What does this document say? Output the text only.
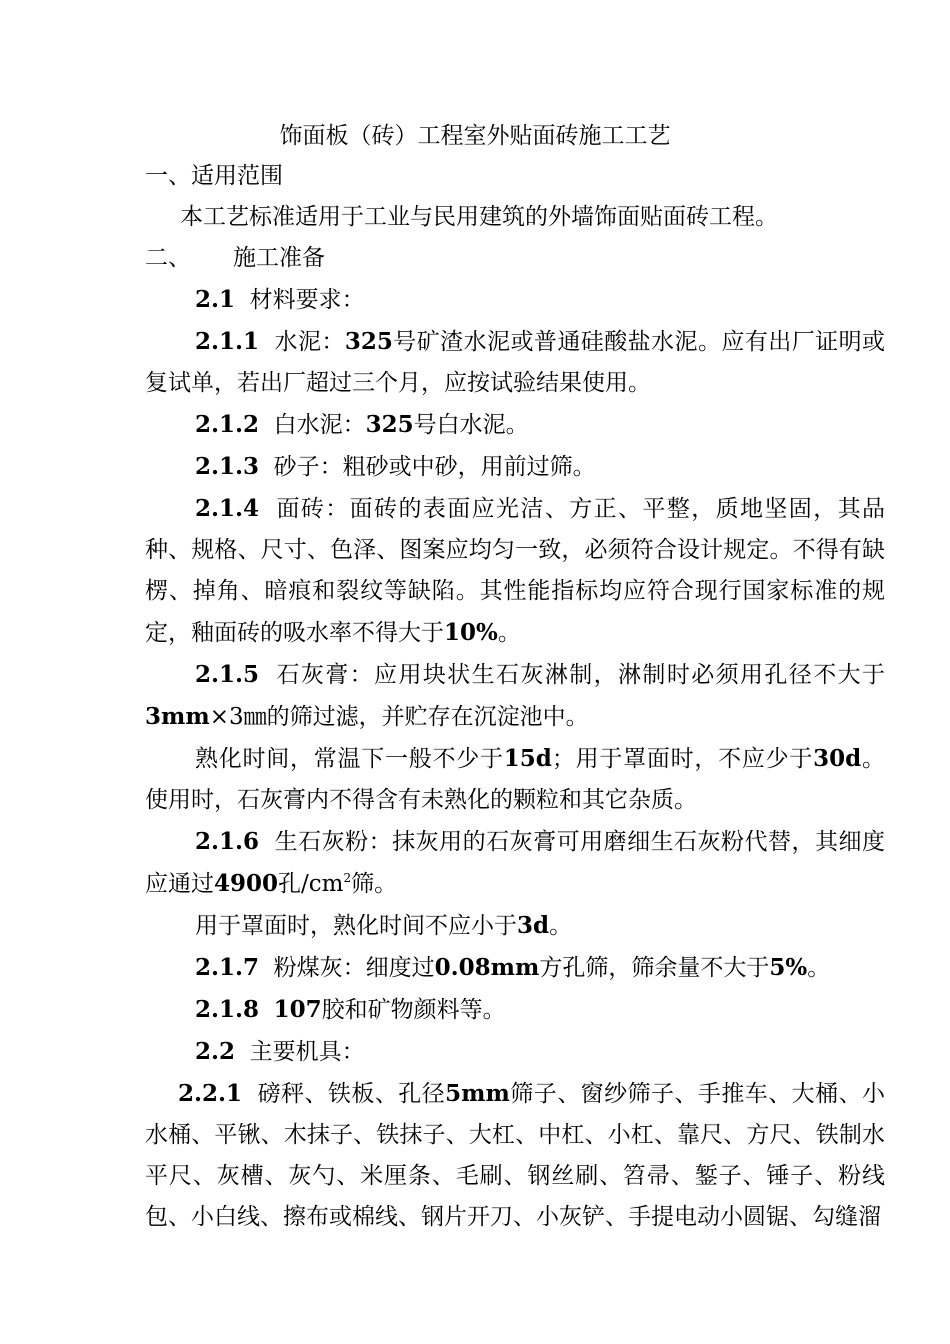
饰面板（砖）工程室外贴面砖施工工艺

一、适用范围

本工艺标准适用于工业与民用建筑的外墙饰面贴面砖工程。

二、 施工准备

2.1 材料要求：

2.1.1 水泥：325号矿渣水泥或普通硅酸盐水泥。应有出厂证明或复试单，若出厂超过三个月，应按试验结果使用。

2.1.2 白水泥：325号白水泥。

2.1.3 砂子：粗砂或中砂，用前过筛。

2.1.4 面砖：面砖的表面应光洁、方正、平整，质地坚固，其品种、规格、尺寸、色泽、图案应均匀一致，必须符合设计规定。不得有缺楞、掉角、暗痕和裂纹等缺陷。其性能指标均应符合现行国家标准的规定，釉面砖的吸水率不得大于10%。

2.1.5 石灰膏：应用块状生石灰淋制，淋制时必须用孔径不大于3mm×3㎜的筛过滤，并贮存在沉淀池中。

熟化时间，常温下一般不少于15d；用于罩面时，不应少于30d。使用时，石灰膏内不得含有未熟化的颗粒和其它杂质。

2.1.6 生石灰粉：抹灰用的石灰膏可用磨细生石灰粉代替，其细度应通过4900孔$/cm^2$筛。

用于罩面时，熟化时间不应小于3d。

2.1.7 粉煤灰：细度过0.08mm方孔筛，筛余量不大于5%。

2.1.8 107胶和矿物颜料等。

2.2 主要机具：

2.2.1 磅秤、铁板、孔径5mm筛子、窗纱筛子、手推车、大桶、小水桶、平锹、木抹子、铁抹子、大杠、中杠、小杠、靠尺、方尺、铁制水平尺、灰槽、灰勺、米厘条、毛刷、钢丝刷、笤帚、錾子、锤子、粉线包、小白线、擦布或棉线、钢片开刀、小灰铲、手提电动小圆锯、勾缝溜
